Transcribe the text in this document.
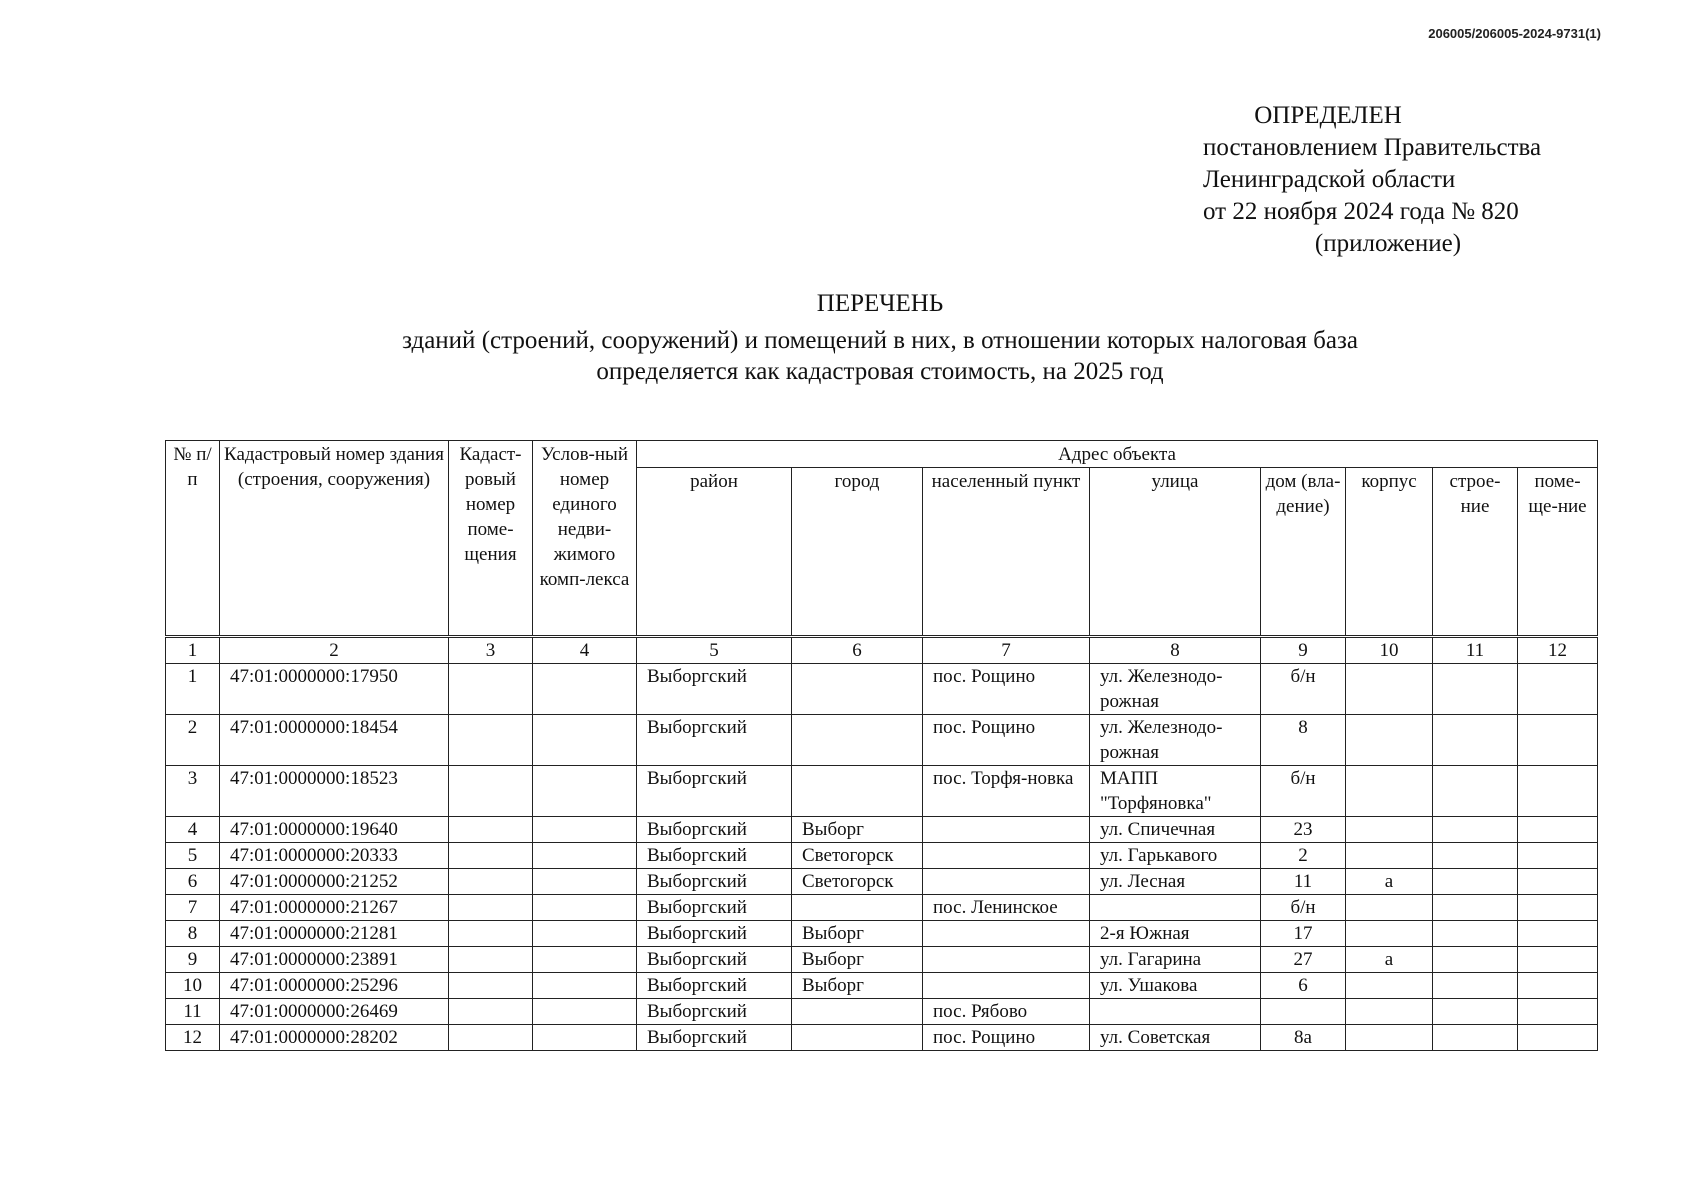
206005/206005-2024-9731(1)
ОПРЕДЕЛЕН
постановлением Правительства
Ленинградской области
от 22 ноября 2024 года № 820
(приложение)
ПЕРЕЧЕНЬ
зданий (строений, сооружений) и помещений в них, в отношении которых налоговая база
определяется как кадастровая стоимость, на 2025 год
№ п/п	Кадастровый номер здания (строения, сооружения)	Кадаст-ровый номер поме-щения	Услов-ный номер единого недви-жимого комп-лекса	Адрес объекта							
				район	город	населенный пункт	улица	дом (вла-дение)	корпус	строе-ние	поме-ще-ние
1	2	3	4	5	6	7	8	9	10	11	12
1	47:01:0000000:17950			Выборгский		пос. Рощино	ул. Железнодо-рожная	б/н			
2	47:01:0000000:18454			Выборгский		пос. Рощино	ул. Железнодо-рожная	8			
3	47:01:0000000:18523			Выборгский		пос. Торфя-новка	МАПП "Торфяновка"	б/н			
4	47:01:0000000:19640			Выборгский	Выборг		ул. Спичечная	23			
5	47:01:0000000:20333			Выборгский	Светогорск		ул. Гарькавого	2			
6	47:01:0000000:21252			Выборгский	Светогорск		ул. Лесная	11	а		
7	47:01:0000000:21267			Выборгский		пос. Ленинское		б/н			
8	47:01:0000000:21281			Выборгский	Выборг		2-я Южная	17			
9	47:01:0000000:23891			Выборгский	Выборг		ул. Гагарина	27	а		
10	47:01:0000000:25296			Выборгский	Выборг		ул. Ушакова	6			
11	47:01:0000000:26469			Выборгский		пос. Рябово					
12	47:01:0000000:28202			Выборгский		пос. Рощино	ул. Советская	8а			
